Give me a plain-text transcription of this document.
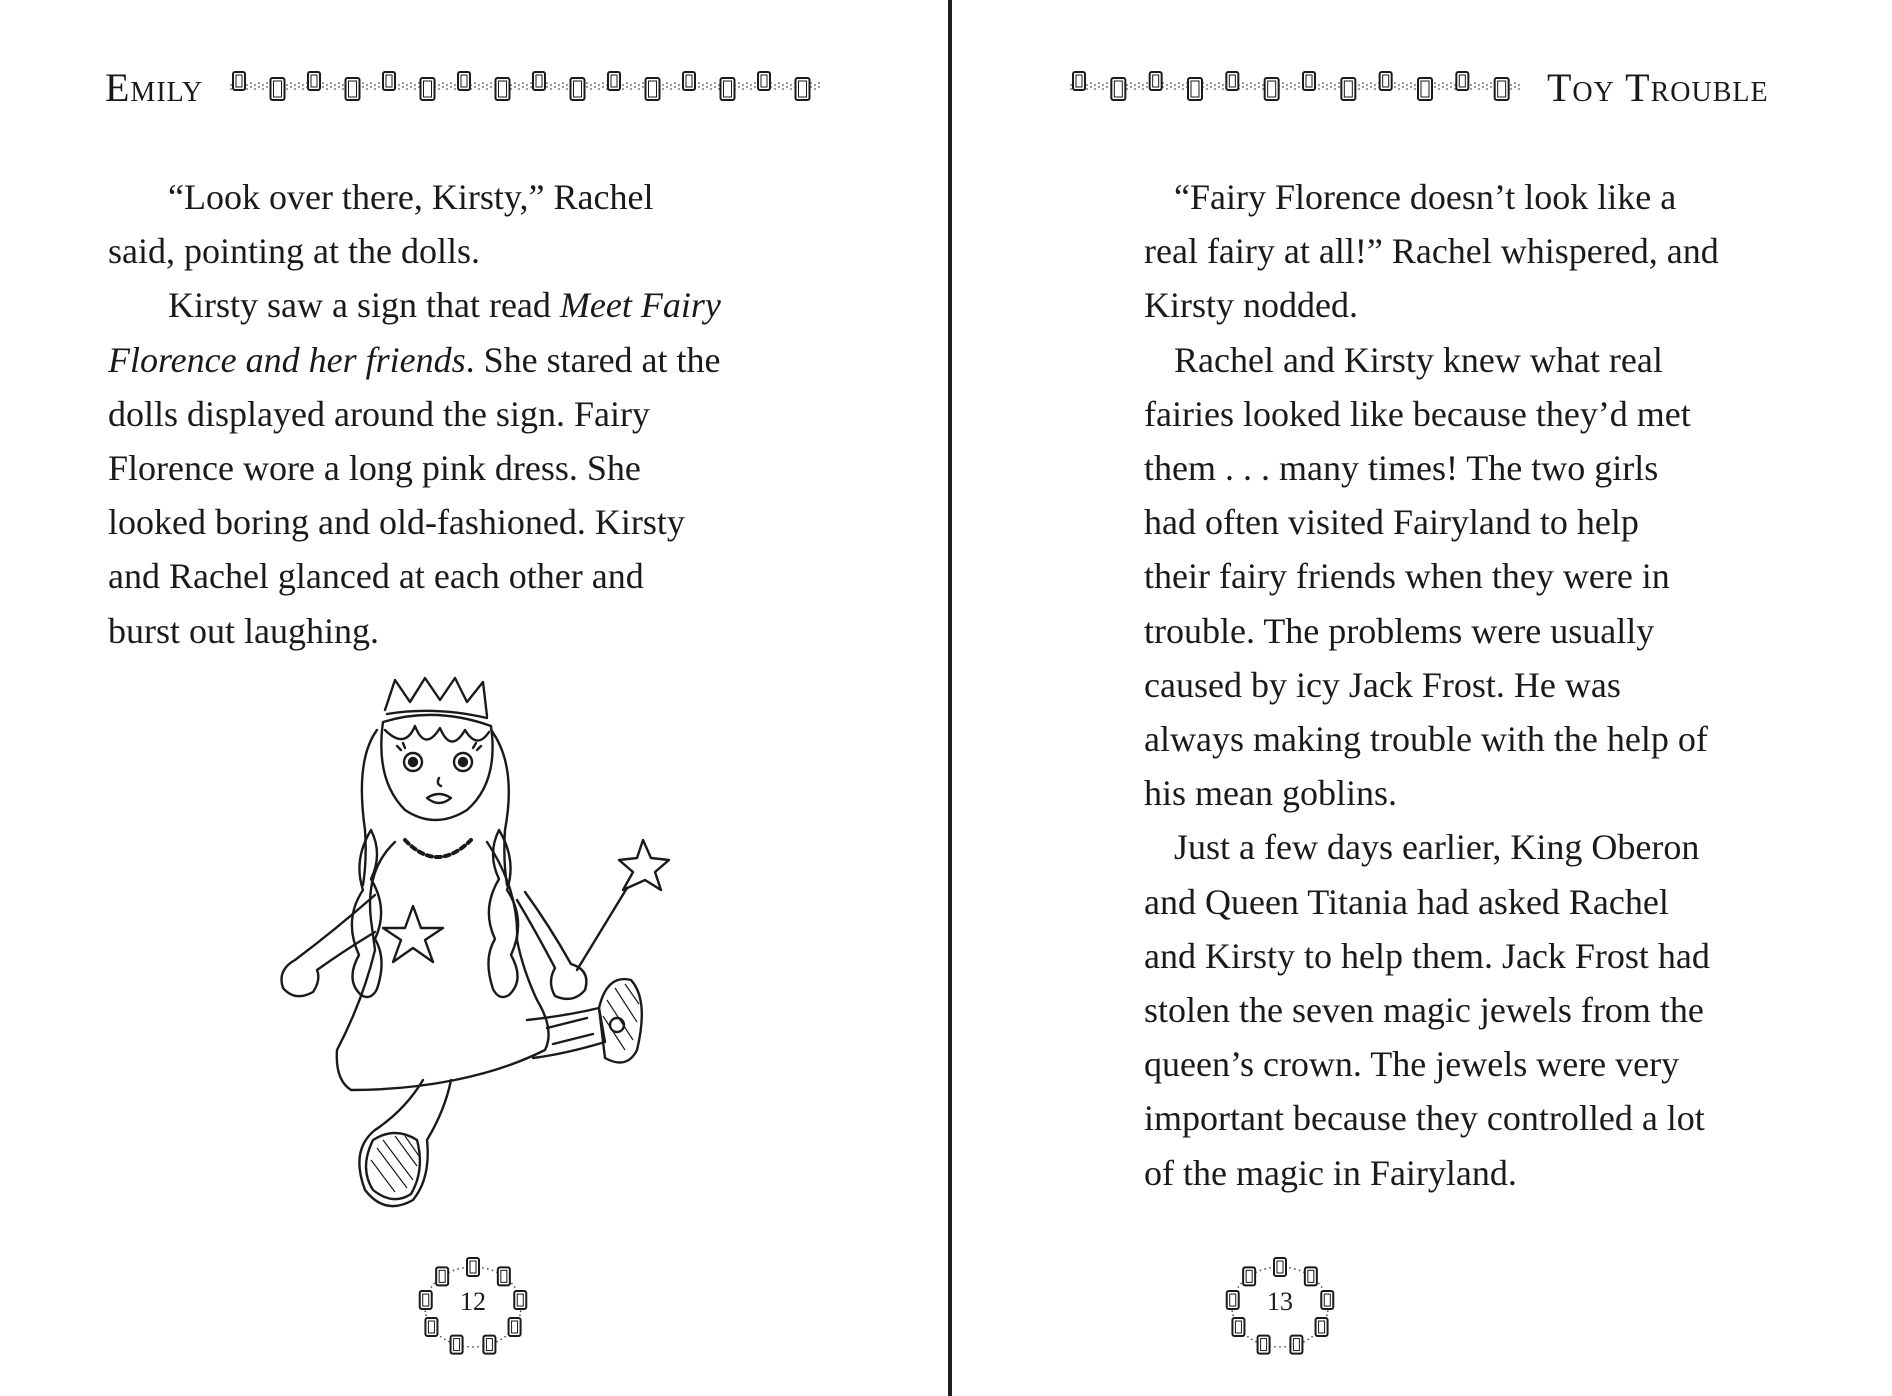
Emily

“Look over there, Kirsty,” Rachel
said, pointing at the dolls.

Kirsty saw a sign that read Meet Fairy
Florence and her friends. She stared at the
dolls displayed around the sign. Fairy
Florence wore a long pink dress. She
looked boring and old-fashioned. Kirsty
and Rachel glanced at each other and
burst out laughing.

12
Toy Trouble

“Fairy Florence doesn’t look like a
real fairy at all!” Rachel whispered, and
Kirsty nodded.

Rachel and Kirsty knew what real
fairies looked like because they’d met
them . . . many times! The two girls
had often visited Fairyland to help
their fairy friends when they were in
trouble. The problems were usually
caused by icy Jack Frost. He was
always making trouble with the help of
his mean goblins.

Just a few days earlier, King Oberon
and Queen Titania had asked Rachel
and Kirsty to help them. Jack Frost had
stolen the seven magic jewels from the
queen’s crown. The jewels were very
important because they controlled a lot
of the magic in Fairyland.

13
